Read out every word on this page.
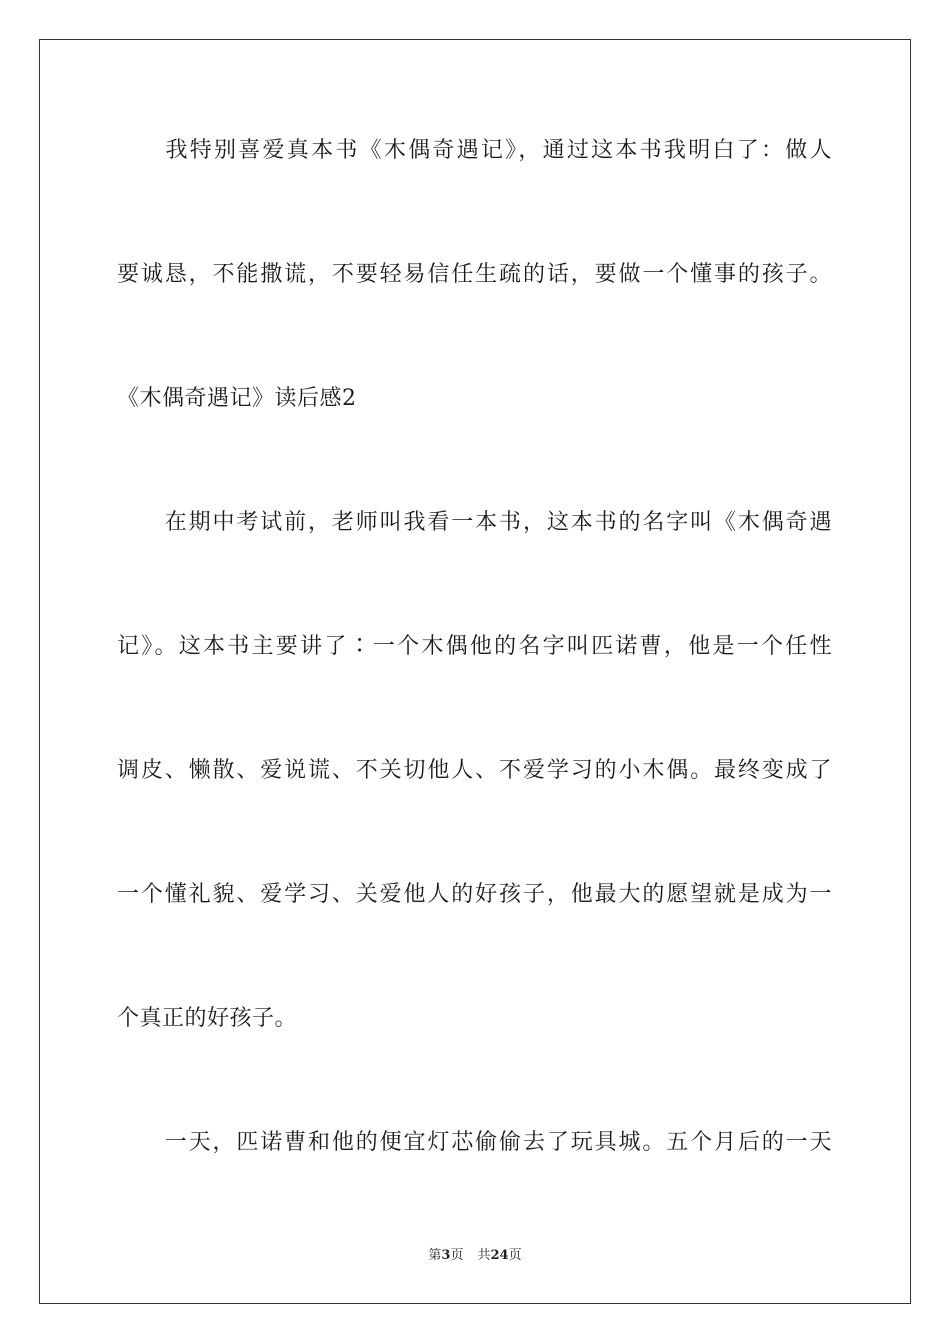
　　我特别喜爱真本书《木偶奇遇记》，通过这本书我明白了：做人
要诚恳，不能撒谎，不要轻易信任生疏的话，要做一个懂事的孩子。
《木偶奇遇记》读后感2
　　在期中考试前，老师叫我看一本书，这本书的名字叫《木偶奇遇
记》。这本书主要讲了∶一个木偶他的名字叫匹诺曹，他是一个任性
调皮、懒散、爱说谎、不关切他人、不爱学习的小木偶。最终变成了
一个懂礼貌、爱学习、关爱他人的好孩子，他最大的愿望就是成为一
个真正的好孩子。
　　一天，匹诺曹和他的便宜灯芯偷偷去了玩具城。五个月后的一天
第3页 共24页
